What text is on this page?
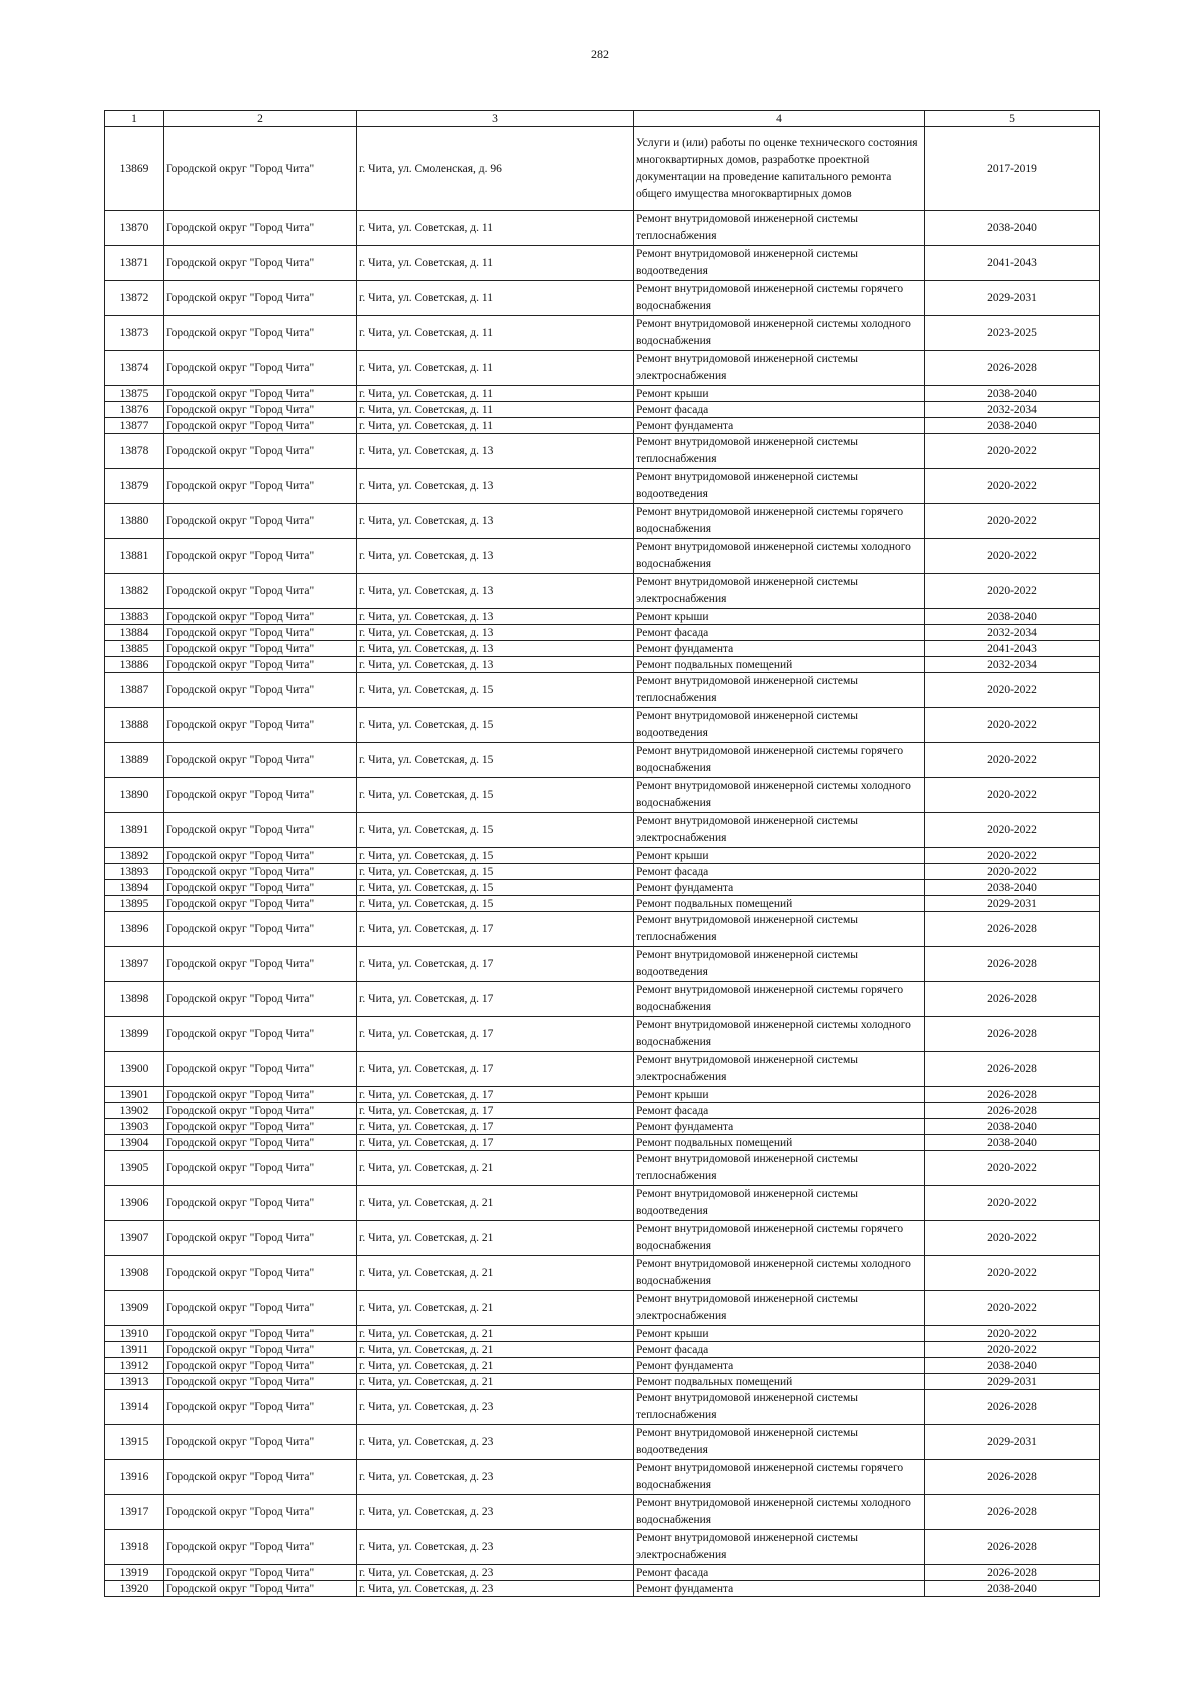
282
1	2	3	4	5
13869	Городской округ "Город Чита"	г. Чита, ул. Смоленская, д. 96	Услуги и (или) работы по оценке технического состояния многоквартирных домов, разработке проектной документации на проведение капитального ремонта общего имущества многоквартирных домов	2017-2019
13870	Городской округ "Город Чита"	г. Чита, ул. Советская, д. 11	Ремонт внутридомовой инженерной системы теплоснабжения	2038-2040
13871	Городской округ "Город Чита"	г. Чита, ул. Советская, д. 11	Ремонт внутридомовой инженерной системы водоотведения	2041-2043
13872	Городской округ "Город Чита"	г. Чита, ул. Советская, д. 11	Ремонт внутридомовой инженерной системы горячего водоснабжения	2029-2031
13873	Городской округ "Город Чита"	г. Чита, ул. Советская, д. 11	Ремонт внутридомовой инженерной системы холодного водоснабжения	2023-2025
13874	Городской округ "Город Чита"	г. Чита, ул. Советская, д. 11	Ремонт внутридомовой инженерной системы электроснабжения	2026-2028
13875	Городской округ "Город Чита"	г. Чита, ул. Советская, д. 11	Ремонт крыши	2038-2040
13876	Городской округ "Город Чита"	г. Чита, ул. Советская, д. 11	Ремонт фасада	2032-2034
13877	Городской округ "Город Чита"	г. Чита, ул. Советская, д. 11	Ремонт фундамента	2038-2040
13878	Городской округ "Город Чита"	г. Чита, ул. Советская, д. 13	Ремонт внутридомовой инженерной системы теплоснабжения	2020-2022
13879	Городской округ "Город Чита"	г. Чита, ул. Советская, д. 13	Ремонт внутридомовой инженерной системы водоотведения	2020-2022
13880	Городской округ "Город Чита"	г. Чита, ул. Советская, д. 13	Ремонт внутридомовой инженерной системы горячего водоснабжения	2020-2022
13881	Городской округ "Город Чита"	г. Чита, ул. Советская, д. 13	Ремонт внутридомовой инженерной системы холодного водоснабжения	2020-2022
13882	Городской округ "Город Чита"	г. Чита, ул. Советская, д. 13	Ремонт внутридомовой инженерной системы электроснабжения	2020-2022
13883	Городской округ "Город Чита"	г. Чита, ул. Советская, д. 13	Ремонт крыши	2038-2040
13884	Городской округ "Город Чита"	г. Чита, ул. Советская, д. 13	Ремонт фасада	2032-2034
13885	Городской округ "Город Чита"	г. Чита, ул. Советская, д. 13	Ремонт фундамента	2041-2043
13886	Городской округ "Город Чита"	г. Чита, ул. Советская, д. 13	Ремонт подвальных помещений	2032-2034
13887	Городской округ "Город Чита"	г. Чита, ул. Советская, д. 15	Ремонт внутридомовой инженерной системы теплоснабжения	2020-2022
13888	Городской округ "Город Чита"	г. Чита, ул. Советская, д. 15	Ремонт внутридомовой инженерной системы водоотведения	2020-2022
13889	Городской округ "Город Чита"	г. Чита, ул. Советская, д. 15	Ремонт внутридомовой инженерной системы горячего водоснабжения	2020-2022
13890	Городской округ "Город Чита"	г. Чита, ул. Советская, д. 15	Ремонт внутридомовой инженерной системы холодного водоснабжения	2020-2022
13891	Городской округ "Город Чита"	г. Чита, ул. Советская, д. 15	Ремонт внутридомовой инженерной системы электроснабжения	2020-2022
13892	Городской округ "Город Чита"	г. Чита, ул. Советская, д. 15	Ремонт крыши	2020-2022
13893	Городской округ "Город Чита"	г. Чита, ул. Советская, д. 15	Ремонт фасада	2020-2022
13894	Городской округ "Город Чита"	г. Чита, ул. Советская, д. 15	Ремонт фундамента	2038-2040
13895	Городской округ "Город Чита"	г. Чита, ул. Советская, д. 15	Ремонт подвальных помещений	2029-2031
13896	Городской округ "Город Чита"	г. Чита, ул. Советская, д. 17	Ремонт внутридомовой инженерной системы теплоснабжения	2026-2028
13897	Городской округ "Город Чита"	г. Чита, ул. Советская, д. 17	Ремонт внутридомовой инженерной системы водоотведения	2026-2028
13898	Городской округ "Город Чита"	г. Чита, ул. Советская, д. 17	Ремонт внутридомовой инженерной системы горячего водоснабжения	2026-2028
13899	Городской округ "Город Чита"	г. Чита, ул. Советская, д. 17	Ремонт внутридомовой инженерной системы холодного водоснабжения	2026-2028
13900	Городской округ "Город Чита"	г. Чита, ул. Советская, д. 17	Ремонт внутридомовой инженерной системы электроснабжения	2026-2028
13901	Городской округ "Город Чита"	г. Чита, ул. Советская, д. 17	Ремонт крыши	2026-2028
13902	Городской округ "Город Чита"	г. Чита, ул. Советская, д. 17	Ремонт фасада	2026-2028
13903	Городской округ "Город Чита"	г. Чита, ул. Советская, д. 17	Ремонт фундамента	2038-2040
13904	Городской округ "Город Чита"	г. Чита, ул. Советская, д. 17	Ремонт подвальных помещений	2038-2040
13905	Городской округ "Город Чита"	г. Чита, ул. Советская, д. 21	Ремонт внутридомовой инженерной системы теплоснабжения	2020-2022
13906	Городской округ "Город Чита"	г. Чита, ул. Советская, д. 21	Ремонт внутридомовой инженерной системы водоотведения	2020-2022
13907	Городской округ "Город Чита"	г. Чита, ул. Советская, д. 21	Ремонт внутридомовой инженерной системы горячего водоснабжения	2020-2022
13908	Городской округ "Город Чита"	г. Чита, ул. Советская, д. 21	Ремонт внутридомовой инженерной системы холодного водоснабжения	2020-2022
13909	Городской округ "Город Чита"	г. Чита, ул. Советская, д. 21	Ремонт внутридомовой инженерной системы электроснабжения	2020-2022
13910	Городской округ "Город Чита"	г. Чита, ул. Советская, д. 21	Ремонт крыши	2020-2022
13911	Городской округ "Город Чита"	г. Чита, ул. Советская, д. 21	Ремонт фасада	2020-2022
13912	Городской округ "Город Чита"	г. Чита, ул. Советская, д. 21	Ремонт фундамента	2038-2040
13913	Городской округ "Город Чита"	г. Чита, ул. Советская, д. 21	Ремонт подвальных помещений	2029-2031
13914	Городской округ "Город Чита"	г. Чита, ул. Советская, д. 23	Ремонт внутридомовой инженерной системы теплоснабжения	2026-2028
13915	Городской округ "Город Чита"	г. Чита, ул. Советская, д. 23	Ремонт внутридомовой инженерной системы водоотведения	2029-2031
13916	Городской округ "Город Чита"	г. Чита, ул. Советская, д. 23	Ремонт внутридомовой инженерной системы горячего водоснабжения	2026-2028
13917	Городской округ "Город Чита"	г. Чита, ул. Советская, д. 23	Ремонт внутридомовой инженерной системы холодного водоснабжения	2026-2028
13918	Городской округ "Город Чита"	г. Чита, ул. Советская, д. 23	Ремонт внутридомовой инженерной системы электроснабжения	2026-2028
13919	Городской округ "Город Чита"	г. Чита, ул. Советская, д. 23	Ремонт фасада	2026-2028
13920	Городской округ "Город Чита"	г. Чита, ул. Советская, д. 23	Ремонт фундамента	2038-2040
